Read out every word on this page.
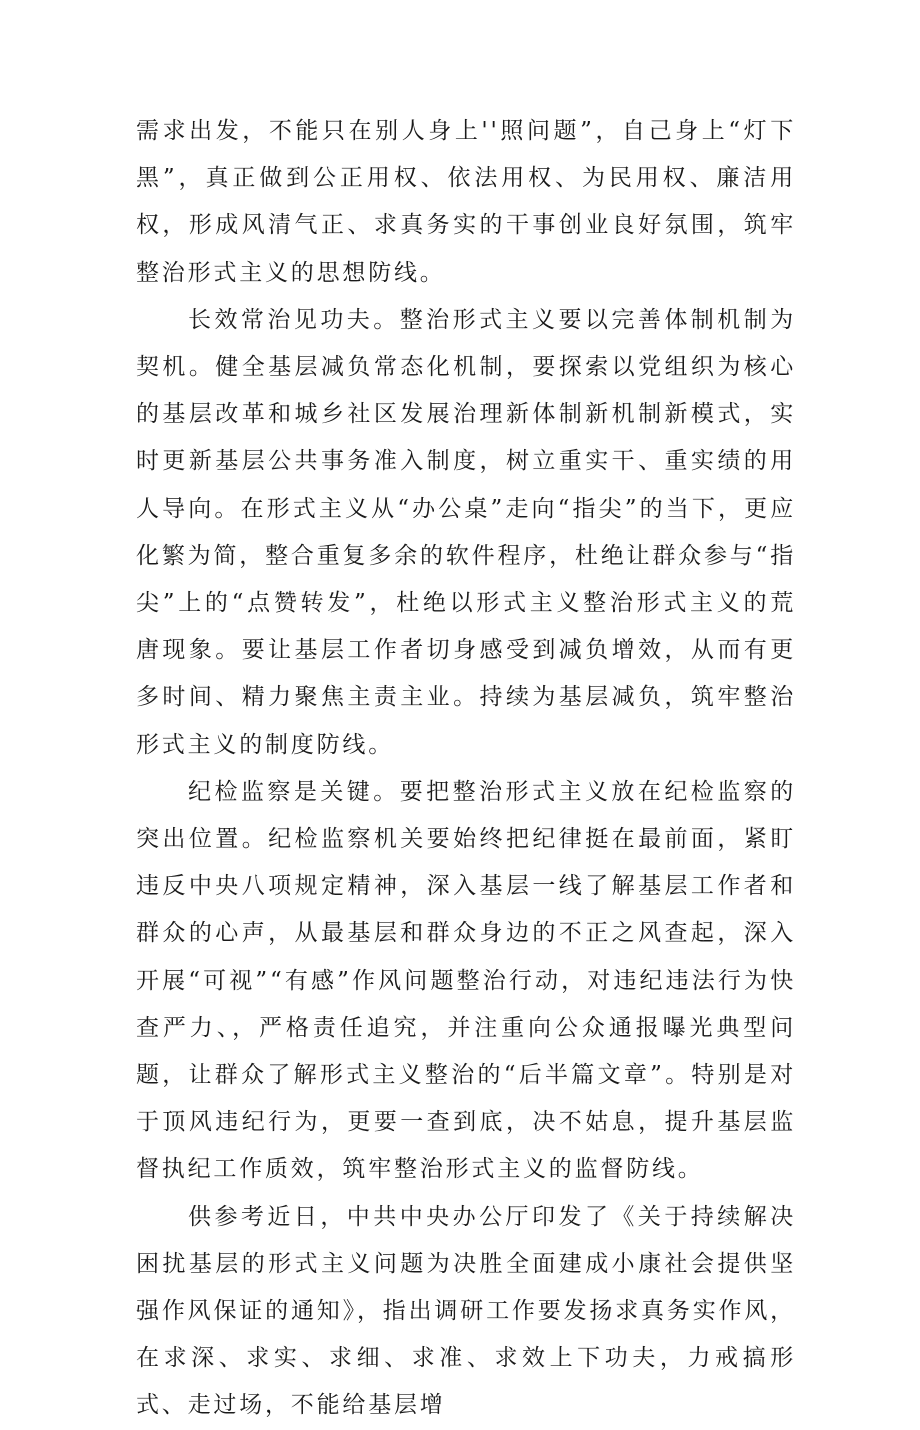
需求出发，不能只在别人身上''照问题”，自己身上“灯下黑”，真正做到公正用权、依法用权、为民用权、廉洁用权，形成风清气正、求真务实的干事创业良好氛围，筑牢整治形式主义的思想防线。

长效常治见功夫。整治形式主义要以完善体制机制为契机。健全基层减负常态化机制，要探索以党组织为核心的基层改革和城乡社区发展治理新体制新机制新模式，实时更新基层公共事务准入制度，树立重实干、重实绩的用人导向。在形式主义从“办公桌”走向“指尖”的当下，更应化繁为简，整合重复多余的软件程序，杜绝让群众参与“指尖”上的“点赞转发”，杜绝以形式主义整治形式主义的荒唐现象。要让基层工作者切身感受到减负增效，从而有更多时间、精力聚焦主责主业。持续为基层减负，筑牢整治形式主义的制度防线。

纪检监察是关键。要把整治形式主义放在纪检监察的突出位置。纪检监察机关要始终把纪律挺在最前面，紧盯违反中央八项规定精神，深入基层一线了解基层工作者和群众的心声，从最基层和群众身边的不正之风查起，深入开展“可视”“有感”作风问题整治行动，对违纪违法行为快查严力、，严格责任追究，并注重向公众通报曝光典型问题，让群众了解形式主义整治的“后半篇文章”。特别是对于顶风违纪行为，更要一查到底，决不姑息，提升基层监督执纪工作质效，筑牢整治形式主义的监督防线。

供参考近日，中共中央办公厅印发了《关于持续解决困扰基层的形式主义问题为决胜全面建成小康社会提供坚强作风保证的通知》，指出调研工作要发扬求真务实作风，在求深、求实、求细、求准、求效上下功夫，力戒搞形式、走过场，不能给基层增
